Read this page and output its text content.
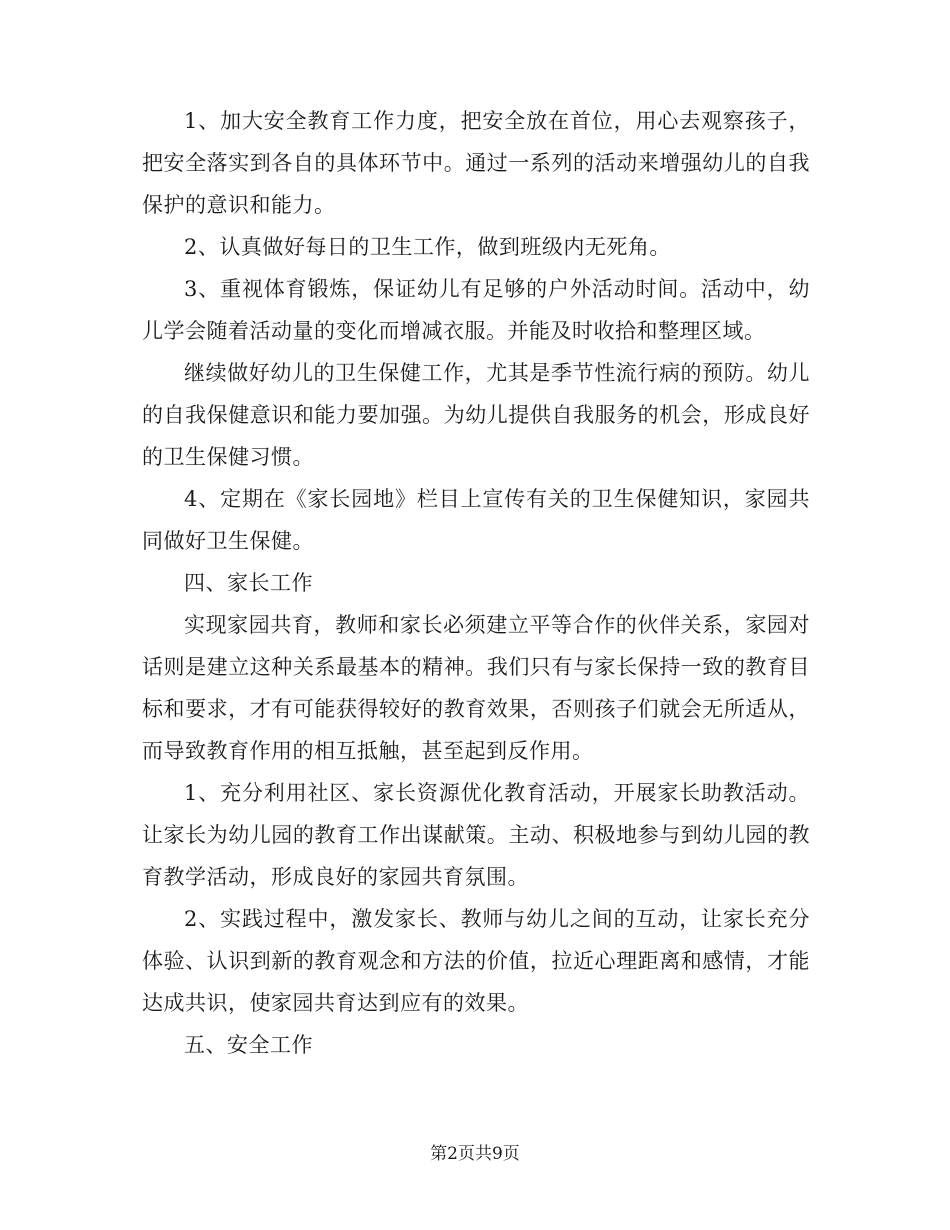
1、加大安全教育工作力度，把安全放在首位，用心去观察孩子，把安全落实到各自的具体环节中。通过一系列的活动来增强幼儿的自我保护的意识和能力。

2、认真做好每日的卫生工作，做到班级内无死角。

3、重视体育锻炼，保证幼儿有足够的户外活动时间。活动中，幼儿学会随着活动量的变化而增减衣服。并能及时收拾和整理区域。

继续做好幼儿的卫生保健工作，尤其是季节性流行病的预防。幼儿的自我保健意识和能力要加强。为幼儿提供自我服务的机会，形成良好的卫生保健习惯。

4、定期在《家长园地》栏目上宣传有关的卫生保健知识，家园共同做好卫生保健。

四、家长工作

实现家园共育，教师和家长必须建立平等合作的伙伴关系，家园对话则是建立这种关系最基本的精神。我们只有与家长保持一致的教育目标和要求，才有可能获得较好的教育效果，否则孩子们就会无所适从，而导致教育作用的相互抵触，甚至起到反作用。

1、充分利用社区、家长资源优化教育活动，开展家长助教活动。让家长为幼儿园的教育工作出谋献策。主动、积极地参与到幼儿园的教育教学活动，形成良好的家园共育氛围。

2、实践过程中，激发家长、教师与幼儿之间的互动，让家长充分体验、认识到新的教育观念和方法的价值，拉近心理距离和感情，才能达成共识，使家园共育达到应有的效果。

五、安全工作

第2页共9页
